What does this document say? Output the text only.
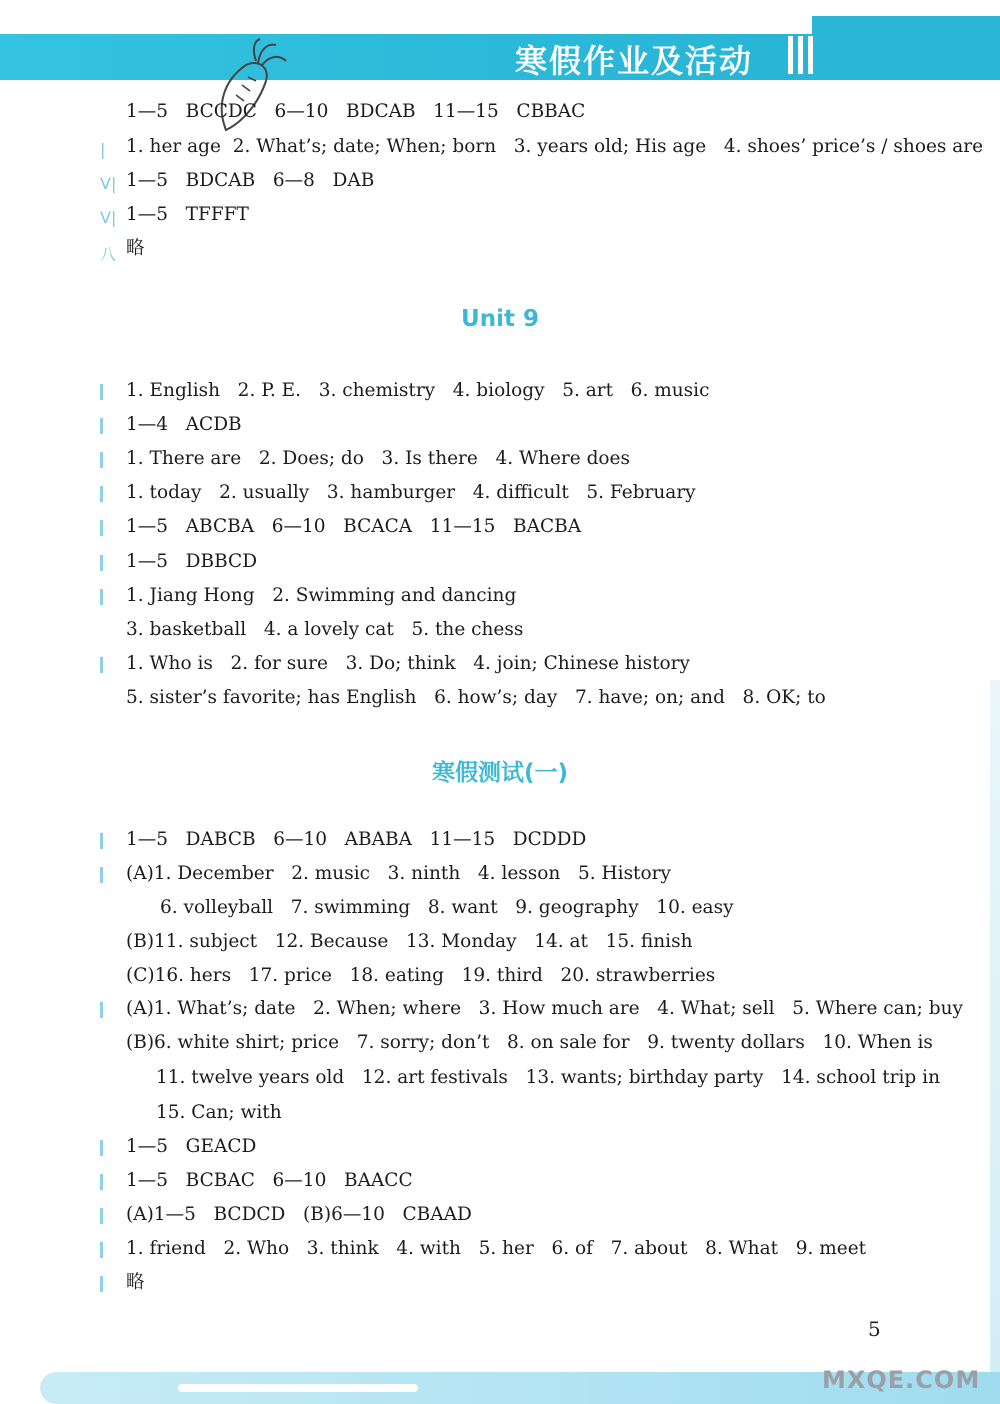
寒假作业及活动
|
V|
V|
八
1—5   BCCDC   6—10   BDCAB   11—15   CBBAC
1. her age  2. What’s; date; When; born   3. years old; His age   4. shoes’ price’s / shoes are
1—5   BDCAB   6—8   DAB
1—5   TFFFT
略
Unit 9
1. English   2. P. E.   3. chemistry   4. biology   5. art   6. music
1—4   ACDB
1. There are   2. Does; do   3. Is there   4. Where does
1. today   2. usually   3. hamburger   4. difficult   5. February
1—5   ABCBA   6—10   BCACA   11—15   BACBA
1—5   DBBCD
1. Jiang Hong   2. Swimming and dancing
3. basketball   4. a lovely cat   5. the chess
1. Who is   2. for sure   3. Do; think   4. join; Chinese history
5. sister’s favorite; has English   6. how’s; day   7. have; on; and   8. OK; to
寒假测试(一)
1—5   DABCB   6—10   ABABA   11—15   DCDDD
(A)1. December   2. music   3. ninth   4. lesson   5. History
6. volleyball   7. swimming   8. want   9. geography   10. easy
(B)11. subject   12. Because   13. Monday   14. at   15. finish
(C)16. hers   17. price   18. eating   19. third   20. strawberries
(A)1. What’s; date   2. When; where   3. How much are   4. What; sell   5. Where can; buy
(B)6. white shirt; price   7. sorry; don’t   8. on sale for   9. twenty dollars   10. When is
11. twelve years old   12. art festivals   13. wants; birthday party   14. school trip in
15. Can; with
1—5   GEACD
1—5   BCBAC   6—10   BAACC
(A)1—5   BCDCD   (B)6—10   CBAAD
1. friend   2. Who   3. think   4. with   5. her   6. of   7. about   8. What   9. meet
略
5
MXQE.COM
